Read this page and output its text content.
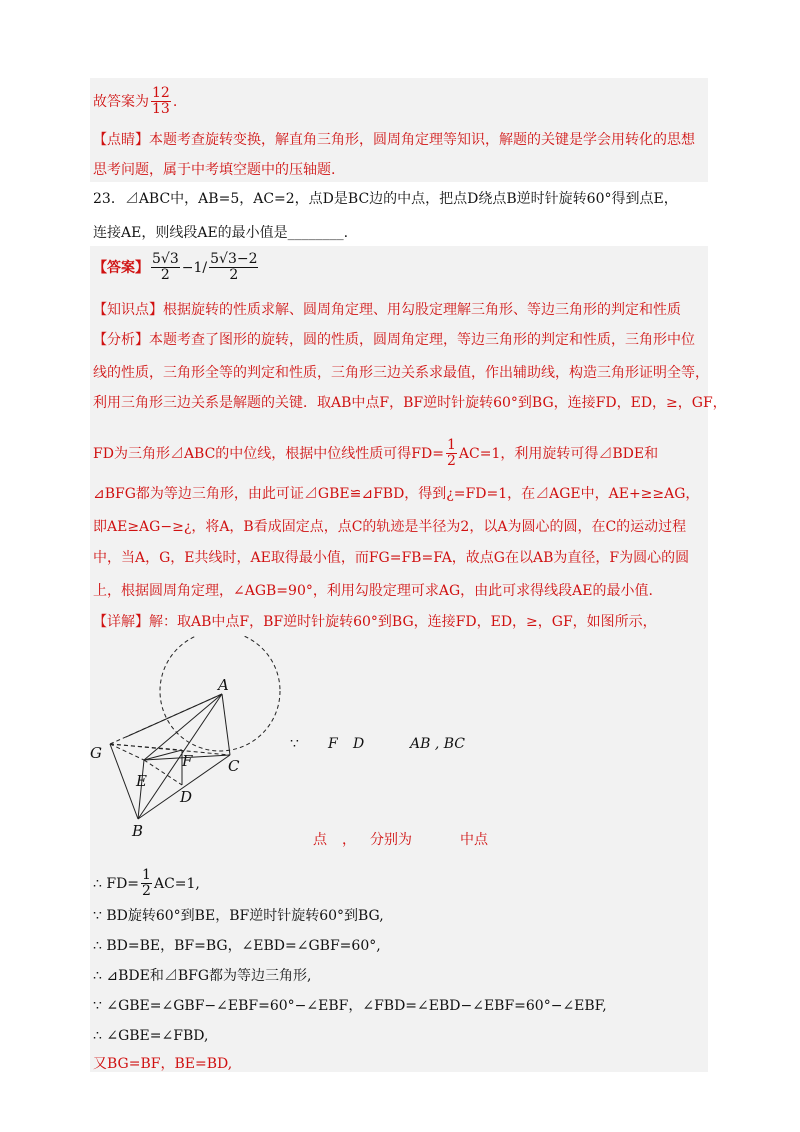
故答案为 $\frac{12}{13}$ .
【点睛】本题考查旋转变换，解直角三角形，圆周角定理等知识，解题的关键是学会用转化的思想
思考问题，属于中考填空题中的压轴题.
23．⊿ABC中，AB=5，AC=2，点D是BC边的中点，把点D绕点B逆时针旋转60°得到点E，
连接AE，则线段AE的最小值是________.
【答案】 $\frac{5√3}{2} -1/ \frac{5√3-2}{2}$
【知识点】根据旋转的性质求解、圆周角定理、用勾股定理解三角形、等边三角形的判定和性质
【分析】本题考查了图形的旋转，圆的性质，圆周角定理，等边三角形的判定和性质，三角形中位
线的性质，三角形全等的判定和性质，三角形三边关系求最值，作出辅助线，构造三角形证明全等，
利用三角形三边关系是解题的关键．取AB中点F，BF逆时针旋转60°到BG，连接FD，ED，≥，GF，
FD为三角形⊿ABC的中位线，根据中位线性质可得$FD= \frac{1}{2} AC=1$，利用旋转可得⊿BDE和
⊿BFG都为等边三角形，由此可证⊿GBE≌⊿FBD，得到¿=FD=1，在⊿AGE中，AE+≥≥AG，
即AE≥AG−≥¿，将A，B看成固定点，点C的轨迹是半径为2，以A为圆心的圆，在C的运动过程
中，当A，G，E共线时，AE取得最小值，而FG=FB=FA，故点G在以AB为直径，F为圆心的圆
上，根据圆周角定理，∠AGB=90°，利用勾股定理可求AG，由此可求得线段AE的最小值.
【详解】解：取AB中点F，BF逆时针旋转60°到BG，连接FD，ED，≥，GF，如图所示，
A
C
G	F
E
D
B
∵ F D	AB , BC
点 ， 分别为	中点
∴ $FD= \frac{1}{2} AC=1$,
∵ BD旋转60°到BE，BF逆时针旋转60°到BG,
∴ BD=BE，BF=BG，∠EBD=∠GBF=60°,
∴ ⊿BDE和⊿BFG都为等边三角形,
∵ ∠GBE=∠GBF−∠EBF=60°−∠EBF，∠FBD=∠EBD−∠EBF=60°−∠EBF,
∴ ∠GBE=∠FBD,
又BG=BF，BE=BD,
